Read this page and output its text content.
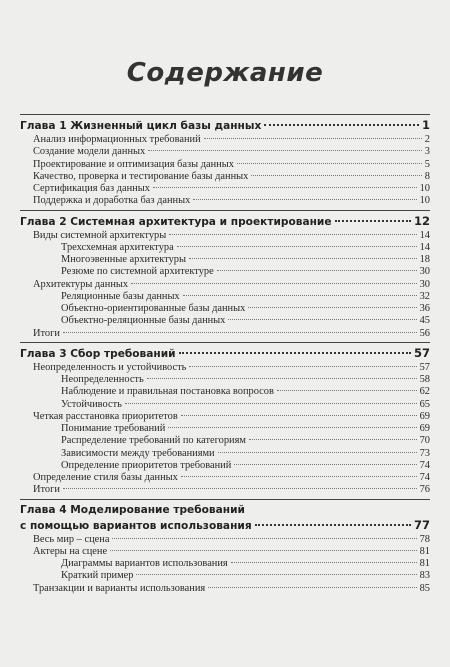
Содержание
Глава 1 Жизненный цикл базы данных	1
Анализ информационных требований	2
Создание модели данных	3
Проектирование и оптимизация базы данных	5
Качество, проверка и тестирование базы данных	8
Сертификация баз данных	10
Поддержка и доработка баз данных	10
Глава 2 Системная архитектура и проектирование	12
Виды системной архитектуры	14
Трехсхемная архитектура	14
Многоэвенные архитектуры	18
Резюме по системной архитектуре	30
Архитектуры данных	30
Реляционные базы данных	32
Объектно-ориентированные базы данных	36
Объектно-реляционные базы данных	45
Итоги	56
Глава 3 Сбор требований	57
Неопределенность и устойчивость	57
Неопределенность	58
Наблюдение и правильная постановка вопросов	62
Устойчивость	65
Четкая расстановка приоритетов	69
Понимание требований	69
Распределение требований по категориям	70
Зависимости между требованиями	73
Определение приоритетов требований	74
Определение стиля базы данных	74
Итоги	76
Глава 4 Моделирование требований
с помощью вариантов использования	77
Весь мир – сцена	78
Актеры на сцене	81
Диаграммы вариантов использования	81
Краткий пример	83
Транзакции и варианты использования	85
